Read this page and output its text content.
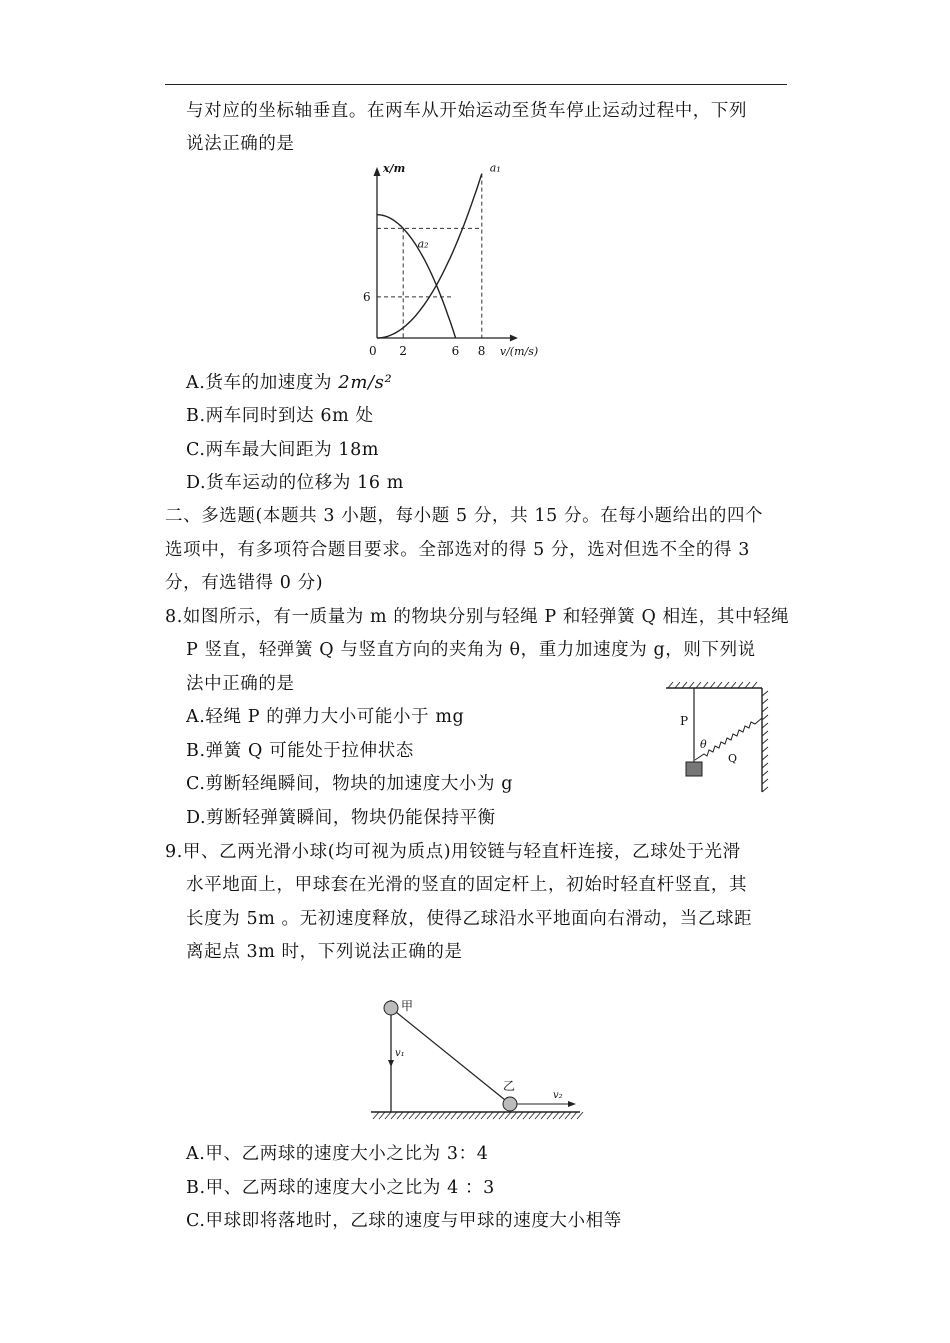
与对应的坐标轴垂直。在两车从开始运动至货车停止运动过程中，下列
说法正确的是
0 2	6 8
6
v/(m/s)
x/m	a₁
a₂
A.货车的加速度为 2m/s²
B.两车同时到达 6m 处
C.两车最大间距为 18m
D.货车运动的位移为 16 m
二、多选题(本题共 3 小题，每小题 5 分，共 15 分。在每小题给出的四个
选项中，有多项符合题目要求。全部选对的得 5 分，选对但选不全的得 3
分，有选错得 0 分)
8.如图所示，有一质量为 m 的物块分别与轻绳 P 和轻弹簧 Q 相连，其中轻绳
P 竖直，轻弹簧 Q 与竖直方向的夹角为 θ，重力加速度为 g，则下列说
法中正确的是
A.轻绳 P 的弹力大小可能小于 mg
B.弹簧 Q 可能处于拉伸状态
C.剪断轻绳瞬间，物块的加速度大小为 g
D.剪断轻弹簧瞬间，物块仍能保持平衡
P
θ
Q
9.甲、乙两光滑小球(均可视为质点)用铰链与轻直杆连接，乙球处于光滑
水平地面上，甲球套在光滑的竖直的固定杆上，初始时轻直杆竖直，其
长度为 5m 。无初速度释放，使得乙球沿水平地面向右滑动，当乙球距
离起点 3m 时，下列说法正确的是
甲
v₁
乙
v₂
A.甲、乙两球的速度大小之比为 3：4
B.甲、乙两球的速度大小之比为 4 ：3
C.甲球即将落地时，乙球的速度与甲球的速度大小相等
